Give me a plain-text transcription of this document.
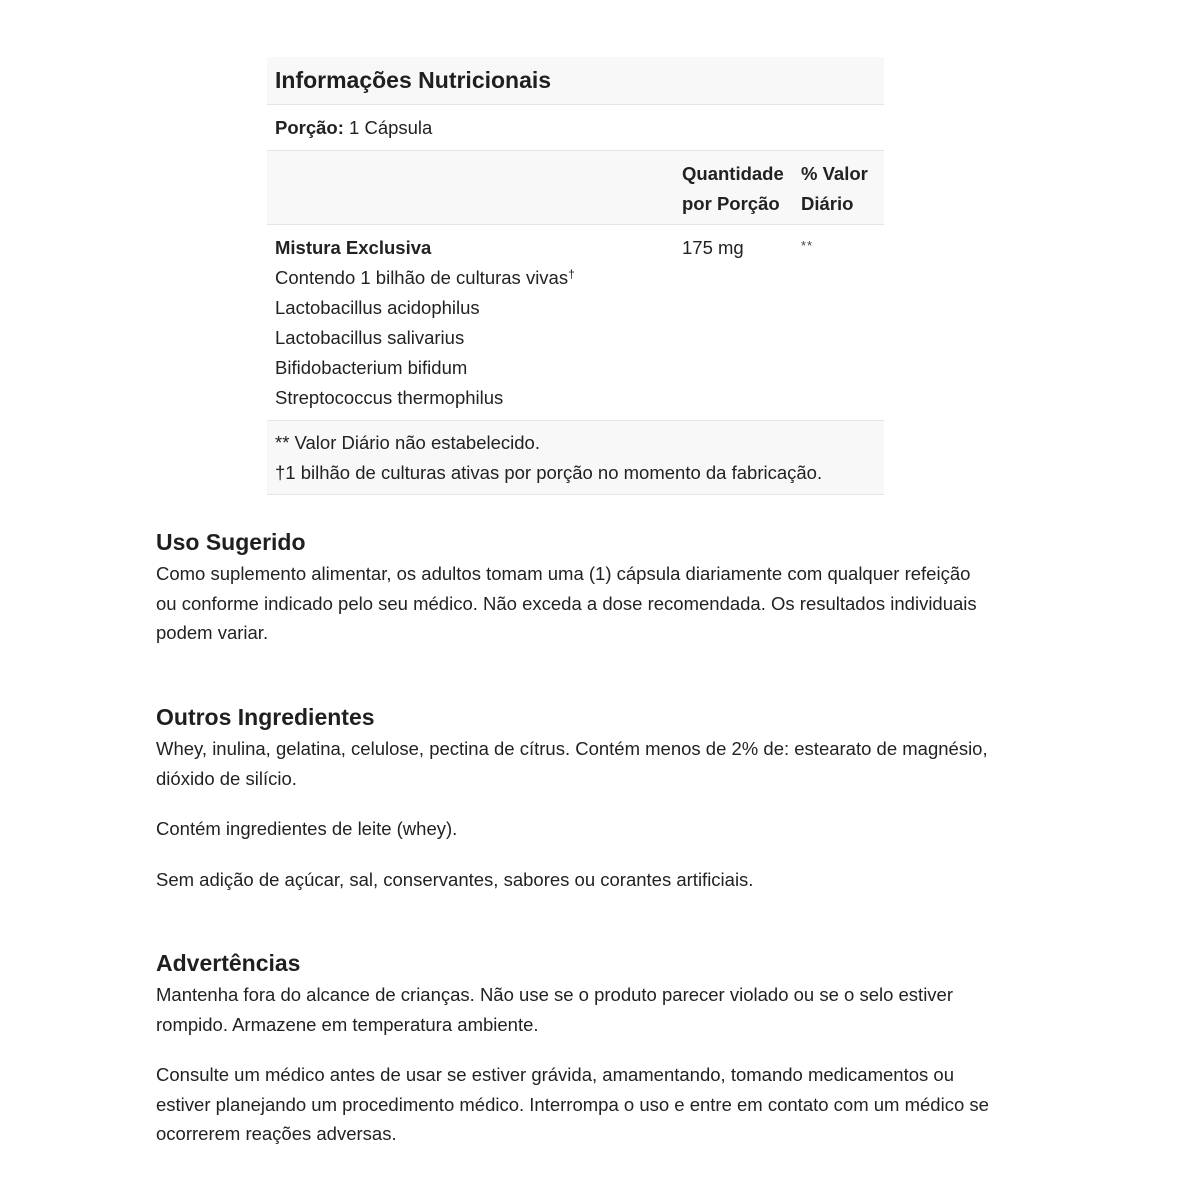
Informações Nutricionais
Porção:
1 Cápsula
Quantidade
por Porção
% Valor
Diário
Mistura Exclusiva
Contendo 1 bilhão de culturas vivas†
Lactobacillus acidophilus
Lactobacillus salivarius
Bifidobacterium bifidum
Streptococcus thermophilus
175 mg	**
** Valor Diário não estabelecido.
†1 bilhão de culturas ativas por porção no momento da fabricação.
Uso Sugerido

Como suplemento alimentar, os adultos tomam uma (1) cápsula diariamente com qualquer refeição
ou conforme indicado pelo seu médico. Não exceda a dose recomendada. Os resultados individuais
podem variar.

Outros Ingredientes

Whey, inulina, gelatina, celulose, pectina de cítrus. Contém menos de 2% de: estearato de magnésio,
dióxido de silício.

Contém ingredientes de leite (whey).

Sem adição de açúcar, sal, conservantes, sabores ou corantes artificiais.

Advertências

Mantenha fora do alcance de crianças. Não use se o produto parecer violado ou se o selo estiver
rompido. Armazene em temperatura ambiente.

Consulte um médico antes de usar se estiver grávida, amamentando, tomando medicamentos ou
estiver planejando um procedimento médico. Interrompa o uso e entre em contato com um médico se
ocorrerem reações adversas.
